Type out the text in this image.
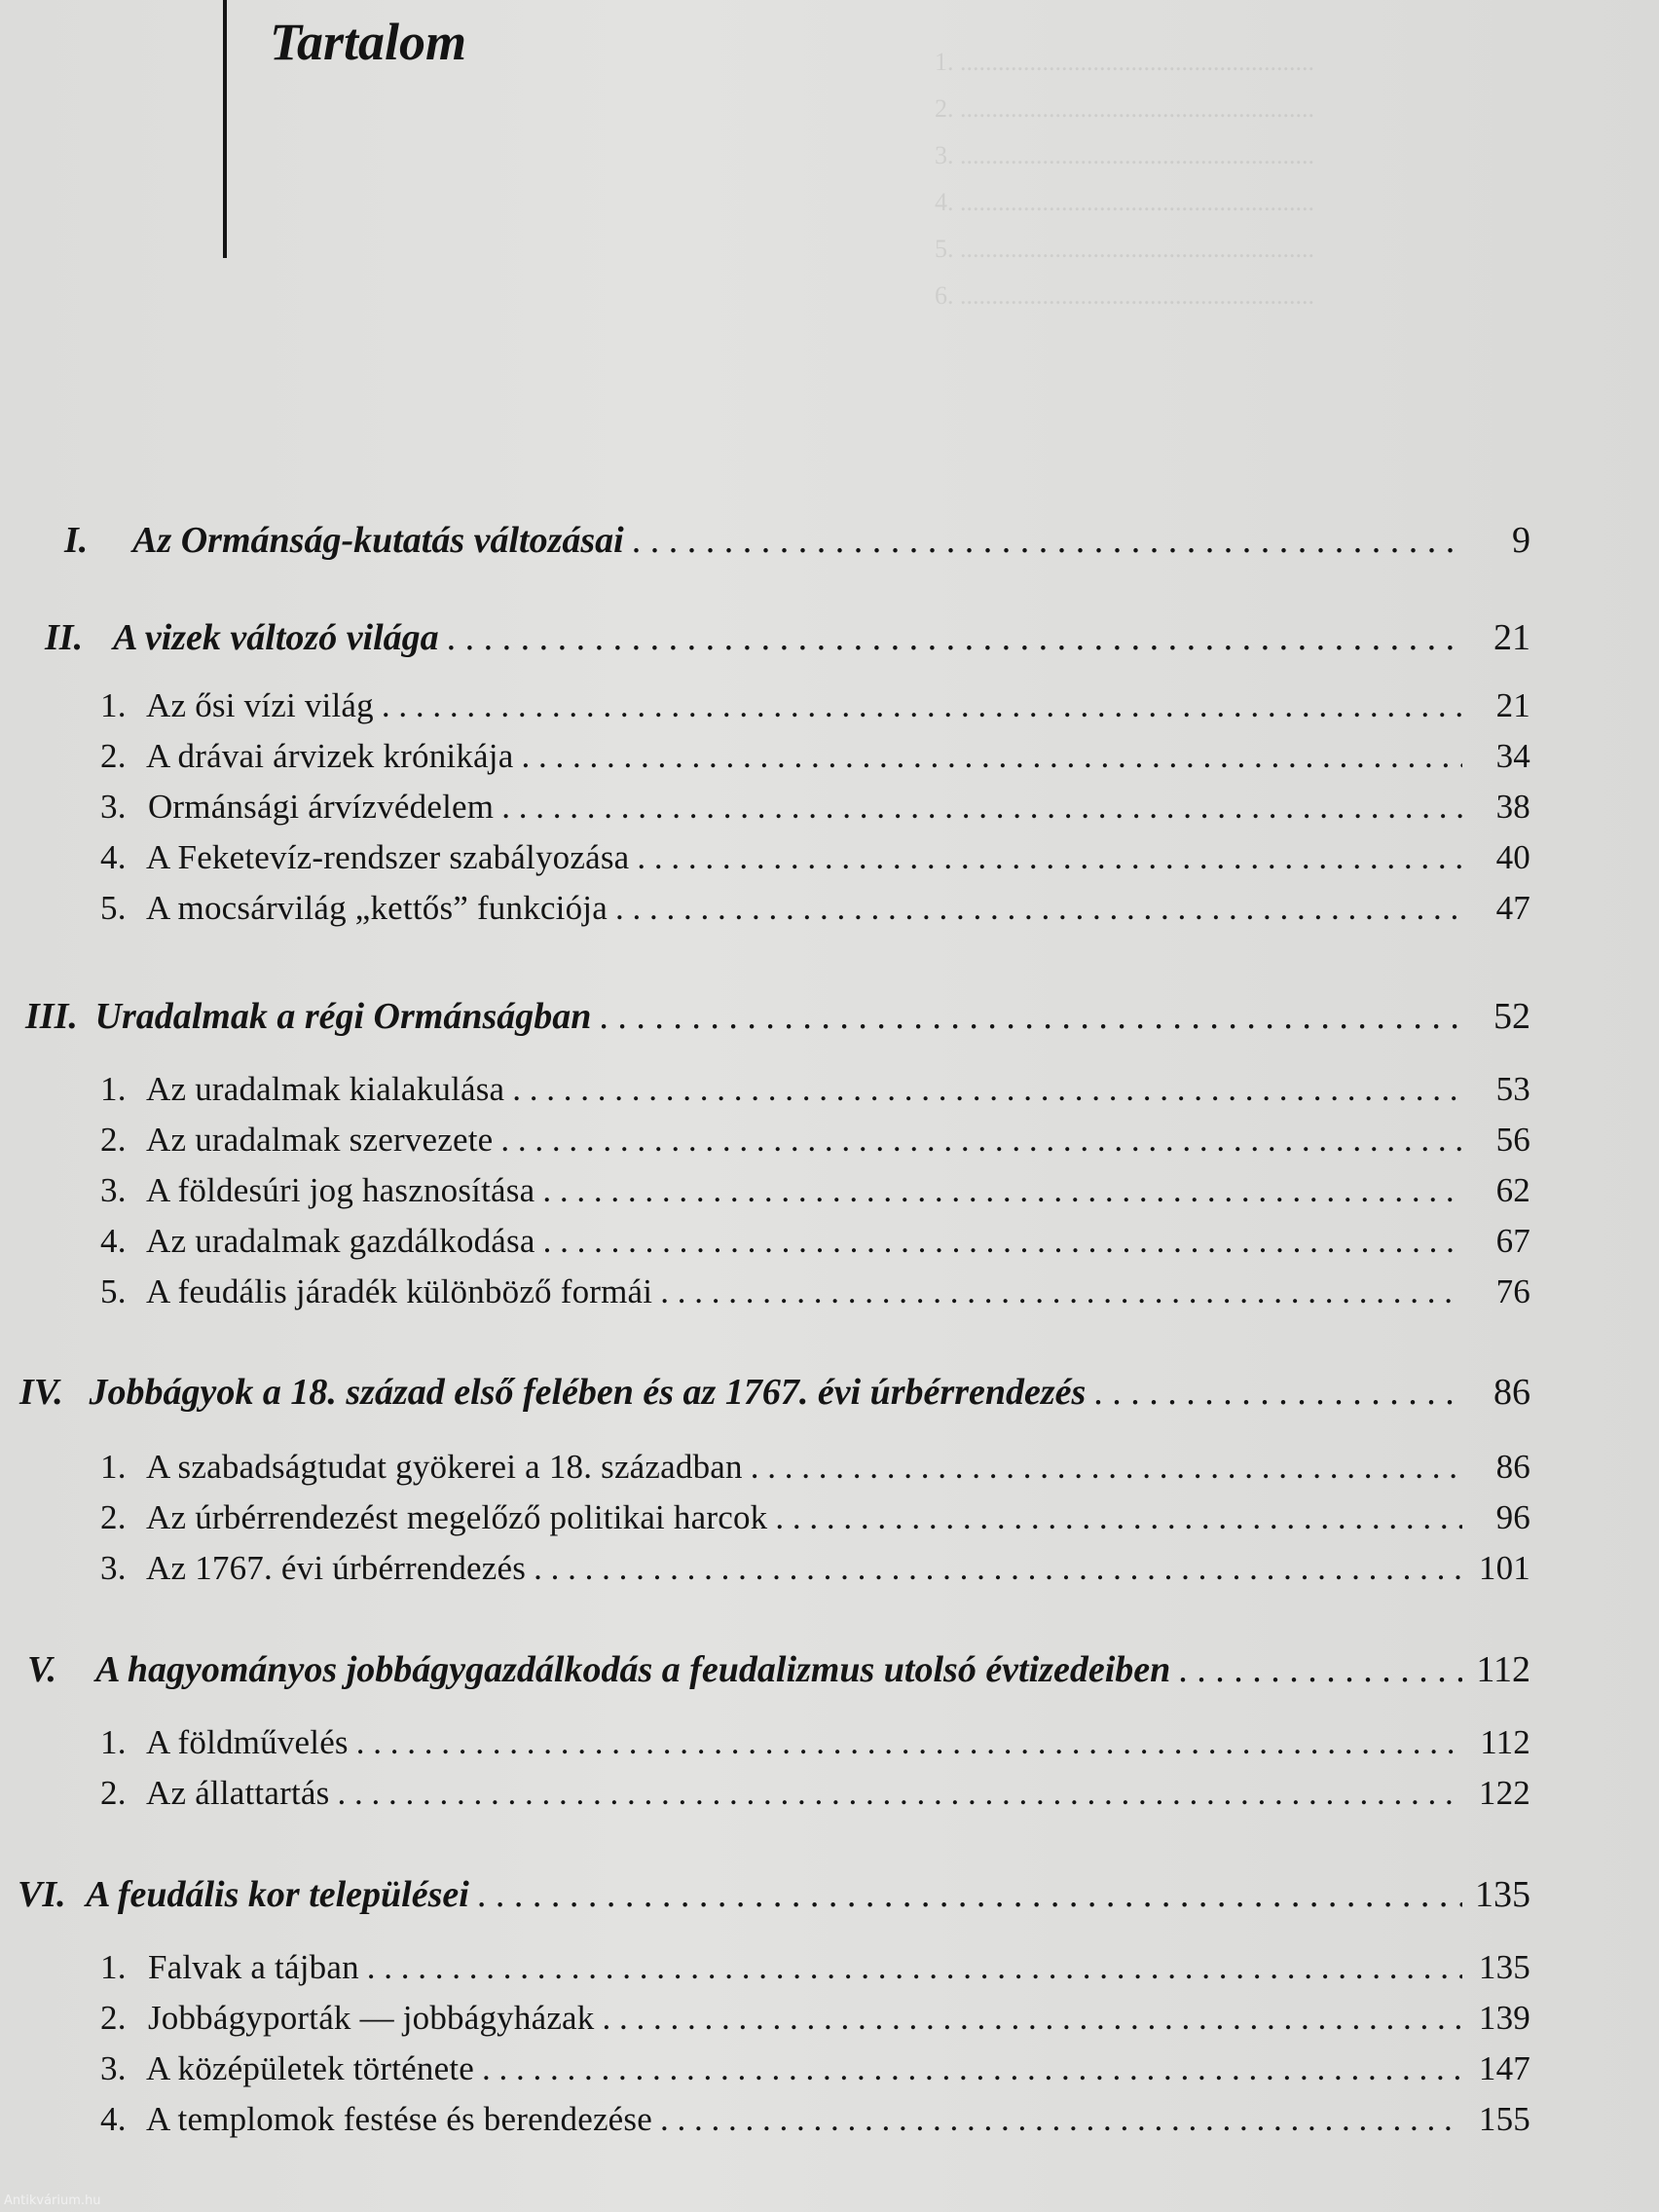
1. ........................................................
2. ........................................................
3. ........................................................
4. ........................................................
5. ........................................................
6. ........................................................
Tartalom
I. Az Ormánság-kutatás változásai . . .	9
II. A vizek változó világa . . .	21
1. Az ősi vízi világ . . .	21
2. A drávai árvizek krónikája . . .	34
3. Ormánsági árvízvédelem . . .	38
4. A Feketevíz-rendszer szabályozása . . .	40
5. A mocsárvilág „kettős” funkciója . . .	47
III. Uradalmak a régi Ormánságban . . .	52
1. Az uradalmak kialakulása . . .	53
2. Az uradalmak szervezete . . .	56
3. A földesúri jog hasznosítása . . .	62
4. Az uradalmak gazdálkodása . . .	67
5. A feudális járadék különböző formái . . .	76
IV. Jobbágyok a 18. század első felében és az 1767. évi úrbérrendezés . . .	86
1. A szabadságtudat gyökerei a 18. században . . .	86
2. Az úrbérrendezést megelőző politikai harcok . . .	96
3. Az 1767. évi úrbérrendezés . . .	101
V. A hagyományos jobbágygazdálkodás a feudalizmus utolsó évtizedeiben . . .	112
1. A földművelés . . .	112
2. Az állattartás . . .	122
VI. A feudális kor települései . . .	135
1. Falvak a tájban . . .	135
2. Jobbágyporták — jobbágyházak . . .	139
3. A középületek története . . .	147
4. A templomok festése és berendezése . . .	155
Antikvárium.hu
